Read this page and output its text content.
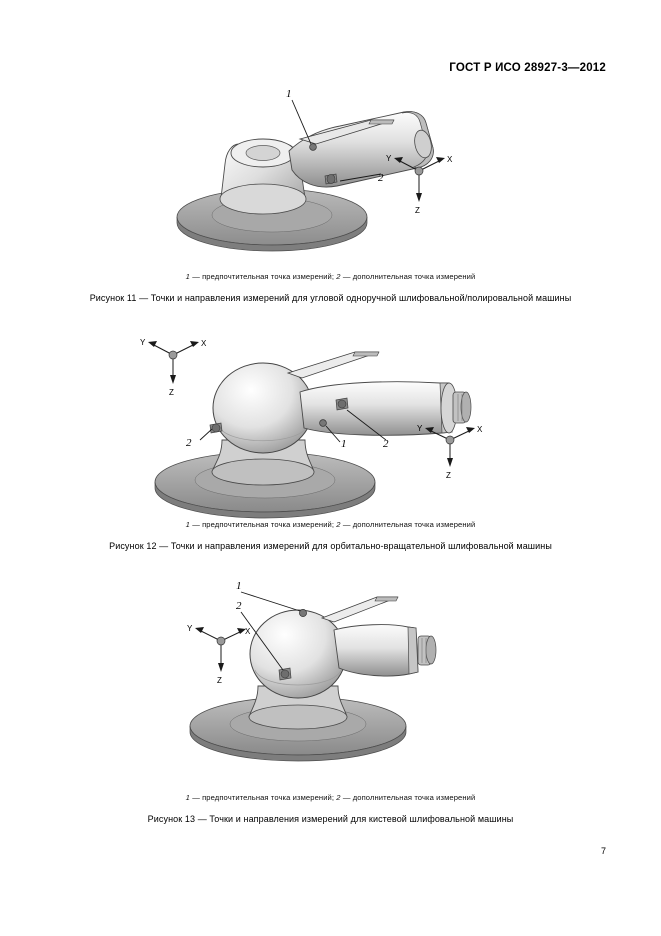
ГОСТ Р ИСО 28927-3—2012
1
2
Y	X
Z
1 — предпочтительная точка измерений; 2 — дополнительная точка измерений
Рисунок 11 — Точки и направления измерений для угловой одноручной шлифовальной/полировальной машины
2	1	2
Y	X
Z
Y	X
Z
1 — предпочтительная точка измерений; 2 — дополнительная точка измерений
Рисунок 12 — Точки и направления измерений для орбитально-вращательной шлифовальной машины
1
2
Y	X
Z
1 — предпочтительная точка измерений; 2 — дополнительная точка измерений
Рисунок 13 — Точки и направления измерений для кистевой шлифовальной машины
7
